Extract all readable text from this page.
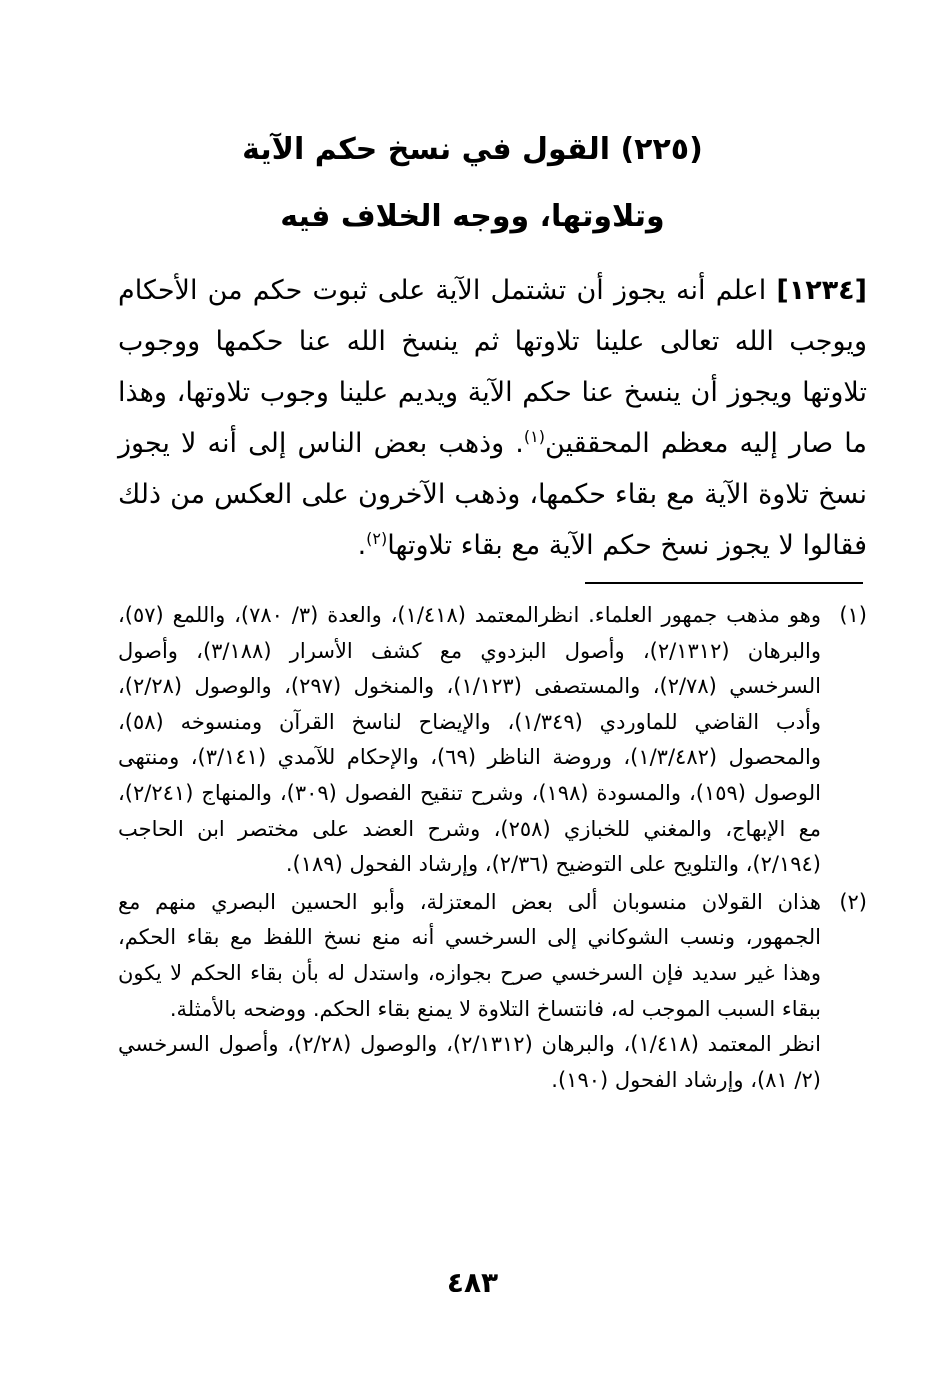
(٢٢٥) القول في نسخ حكم الآية
وتلاوتها، ووجه الخلاف فيه
[١٢٣٤] اعلم أنه يجوز أن تشتمل الآية على ثبوت حكم من الأحكام ويوجب الله تعالى علينا تلاوتها ثم ينسخ الله عنا حكمها ووجوب تلاوتها ويجوز أن ينسخ عنا حكم الآية ويديم علينا وجوب تلاوتها، وهذا ما صار إليه معظم المحققين$^{(١)}$. وذهب بعض الناس إلى أنه لا يجوز نسخ تلاوة الآية مع بقاء حكمها، وذهب الآخرون على العكس من ذلك فقالوا لا يجوز نسخ حكم الآية مع بقاء تلاوتها$^{(٢)}$.
(١)

وهو مذهب جمهور العلماء. انظرالمعتمد (١/٤١٨)، والعدة (٣/ ٧٨٠)، واللمع (٥٧)، والبرهان (٢/١٣١٢)، وأصول البزدوي مع كشف الأسرار (٣/١٨٨)، وأصول السرخسي (٢/٧٨)، والمستصفى (١/١٢٣)، والمنخول (٢٩٧)، والوصول (٢/٢٨)، وأدب القاضي للماوردي (١/٣٤٩)، والإيضاح لناسخ القرآن ومنسوخه (٥٨)، والمحصول (١/٣/٤٨٢)، وروضة الناظر (٦٩)، والإحكام للآمدي (٣/١٤١)، ومنتهى الوصول (١٥٩)، والمسودة (١٩٨)، وشرح تنقيح الفصول (٣٠٩)، والمنهاج (٢/٢٤١)، مع الإبهاج، والمغني للخبازي (٢٥٨)، وشرح العضد على مختصر ابن الحاجب (٢/١٩٤)، والتلويح على التوضيح (٢/٣٦)، وإرشاد الفحول (١٨٩).

(٢)

هذان القولان منسوبان ألى بعض المعتزلة، وأبو الحسين البصري منهم مع الجمهور، ونسب الشوكاني إلى السرخسي أنه منع نسخ اللفظ مع بقاء الحكم، وهذا غير سديد فإن السرخسي صرح بجوازه، واستدل له بأن بقاء الحكم لا يكون ببقاء السبب الموجب له، فانتساخ التلاوة لا يمنع بقاء الحكم. ووضحه بالأمثلة.

انظر المعتمد (١/٤١٨)، والبرهان (٢/١٣١٢)، والوصول (٢/٢٨)، وأصول السرخسي (٢/ ٨١)، وإرشاد الفحول (١٩٠).

٤٨٣
